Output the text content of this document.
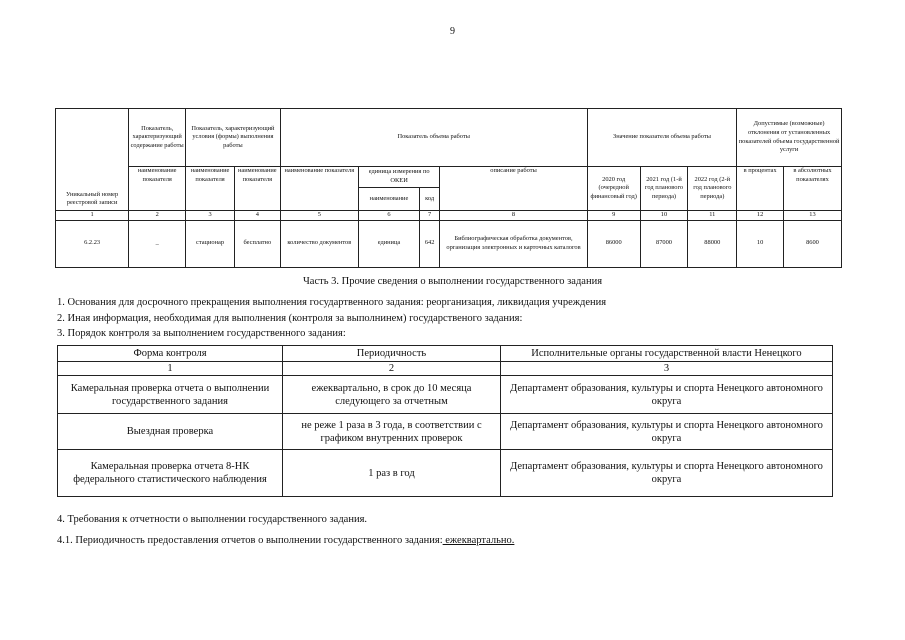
9
Уникальный номер реестровой записи	Показатель, характеризующий содержание работы	Показатель, характеризующий условия (формы) выполнения работы		Показатель объема работы				Значение показателя объема работы			Допустимые (возможные) отклонения от установленных показателей объема государственной услуги	
	наименование показателя	наименование показателя	наименование показателя	наименование показателя	единица измерения по ОКЕИ		описание работы	2020 год (очередной финансовый год)	2021 год (1-й год планового периода)	2022 год (2-й год планового периода)	в процентах	в абсолютных показателях
					наименование	код						
1	2	3	4	5	6	7	8	9	10	11	12	13
6.2.23	_	стационар	бесплатно	количество документов	единица	642	Библиографическая обработка документов, организация электронных и карточных каталогов	86000	87000	88000	10	8600
Часть 3. Прочие сведения о выполнении государственного задания
1. Основания для досрочного прекращения выполнения государтвенного задания: реорганизация, ликвидация учреждения
2. Иная информация, необходимая для выполнения (контроля за выполнинем) государственого задания:
3. Порядок контроля за выполнением государственного задания:
Форма контроля	Периодичность	Исполнительные органы государственной власти Ненецкого
1	2	3
Камеральная проверка отчета о выполнении государственного задания	ежеквартально, в срок до 10 месяца следующего за отчетным	Департамент образования, культуры и спорта Ненецкого автономного округа
Выездная проверка	не реже 1 раза в 3 года, в соответствии с графиком внутренних проверок	Департамент образования, культуры и спорта Ненецкого автономного округа
Камеральная проверка отчета 8-НК федерального статистического наблюдения	1 раз в год	Департамент образования, культуры и спорта Ненецкого автономного округа
4. Требования к отчетности о выполнении государственного задания.
4.1. Периодичность предоставления отчетов о выполнении государственного задания: ежеквартально.
